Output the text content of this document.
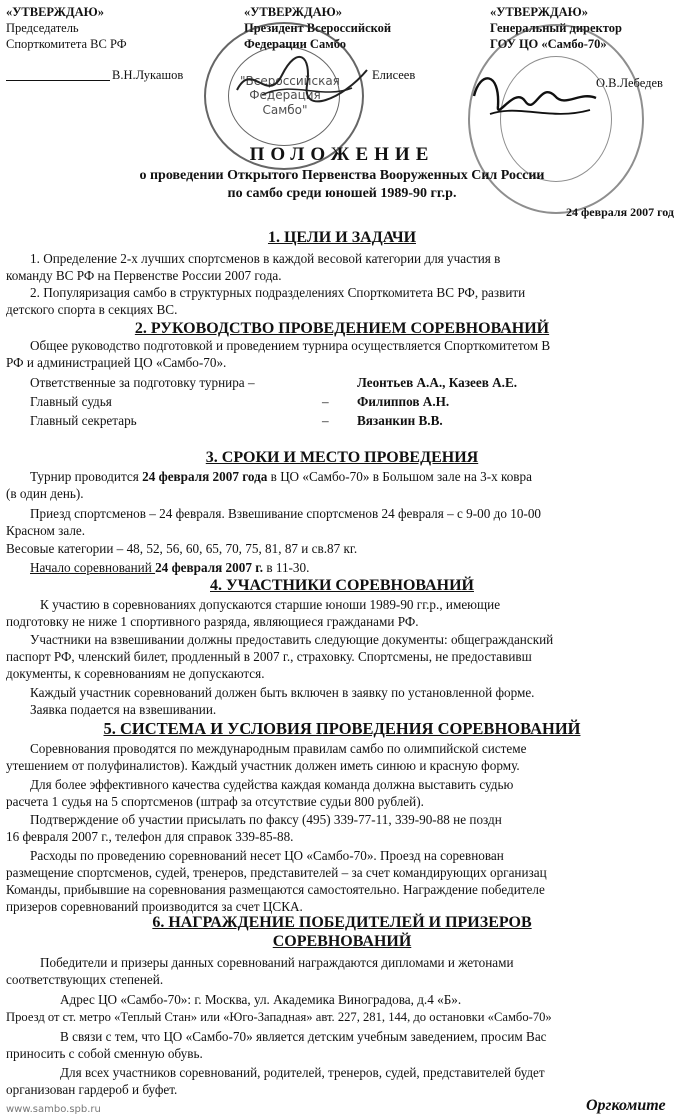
«УТВЕРЖДАЮ»
Председатель
Спорткомитета ВС РФ
В.Н.Лукашов
«УТВЕРЖДАЮ»
Президент Всероссийской
Федерации Самбо
Елисеев
«УТВЕРЖДАЮ»
Генеральный директор
ГОУ ЦО «Самбо-70»
О.В.Лебедев
"Всероссийская Федерация Самбо"
ПОЛОЖЕНИЕ
о проведении Открытого Первенства Вооруженных Сил России
по самбо среди юношей 1989-90 гг.р.
24 февраля 2007 год
1. ЦЕЛИ И ЗАДАЧИ
1. Определение 2-х лучших спортсменов в каждой весовой категории для участия в
команду ВС РФ на Первенстве России 2007 года.
2. Популяризация самбо в структурных подразделениях Спорткомитета ВС РФ, развити
детского спорта в секциях ВС.
2. РУКОВОДСТВО ПРОВЕДЕНИЕМ СОРЕВНОВАНИЙ
Общее руководство подготовкой и проведением турнира осуществляется Спорткомитетом В
РФ и администрацией ЦО «Самбо-70».
Ответственные за подготовку турнира –	Леонтьев А.А., Казеев А.Е.
Главный судья	– Филиппов А.Н.
Главный секретарь	– Вязанкин В.В.
3. СРОКИ И МЕСТО ПРОВЕДЕНИЯ
Турнир проводится 24 февраля 2007 года в ЦО «Самбо-70» в Большом зале на 3-х ковра
(в один день).
Приезд спортсменов – 24 февраля. Взвешивание спортсменов 24 февраля – с 9-00 до 10-00
Красном зале.
Весовые категории – 48, 52, 56, 60, 65, 70, 75, 81, 87 и св.87 кг.
Начало соревнований 24 февраля 2007 г. в 11-30.
4. УЧАСТНИКИ СОРЕВНОВАНИЙ
К участию в соревнованиях допускаются старшие юноши 1989-90 гг.р., имеющие
подготовку не ниже 1 спортивного разряда, являющиеся гражданами РФ.
Участники на взвешивании должны предоставить следующие документы: общегражданский
паспорт РФ, членский билет, продленный в 2007 г., страховку. Спортсмены, не предоставивш
документы, к соревнованиям не допускаются.
Каждый участник соревнований должен быть включен в заявку по установленной форме.
Заявка подается на взвешивании.
5. СИСТЕМА И УСЛОВИЯ ПРОВЕДЕНИЯ СОРЕВНОВАНИЙ
Соревнования проводятся по международным правилам самбо по олимпийской системе
утешением от полуфиналистов). Каждый участник должен иметь синюю и красную форму.
Для более эффективного качества судейства каждая команда должна выставить судью
расчета 1 судья на 5 спортсменов (штраф за отсутствие судьи 800 рублей).
Подтверждение об участии присылать по факсу (495) 339-77-11, 339-90-88 не поздн
16 февраля 2007 г., телефон для справок 339-85-88.
Расходы по проведению соревнований несет ЦО «Самбо-70». Проезд на соревнован
размещение спортсменов, судей, тренеров, представителей – за счет командирующих организац
Команды, прибывшие на соревнования размещаются самостоятельно. Награждение победителе
призеров соревнований производится за счет ЦСКА.
6. НАГРАЖДЕНИЕ ПОБЕДИТЕЛЕЙ И ПРИЗЕРОВ
СОРЕВНОВАНИЙ
Победители и призеры данных соревнований награждаются дипломами и жетонами
соответствующих степеней.
Адрес ЦО «Самбо-70»: г. Москва, ул. Академика Виноградова, д.4 «Б».
Проезд от ст. метро «Теплый Стан» или «Юго-Западная» авт. 227, 281, 144, до остановки «Самбо-70»
В связи с тем, что ЦО «Самбо-70» является детским учебным заведением, просим Вас
приносить с собой сменную обувь.
Для всех участников соревнований, родителей, тренеров, судей, представителей будет
организован гардероб и буфет.
www.sambo.spb.ru	Оргкомите
